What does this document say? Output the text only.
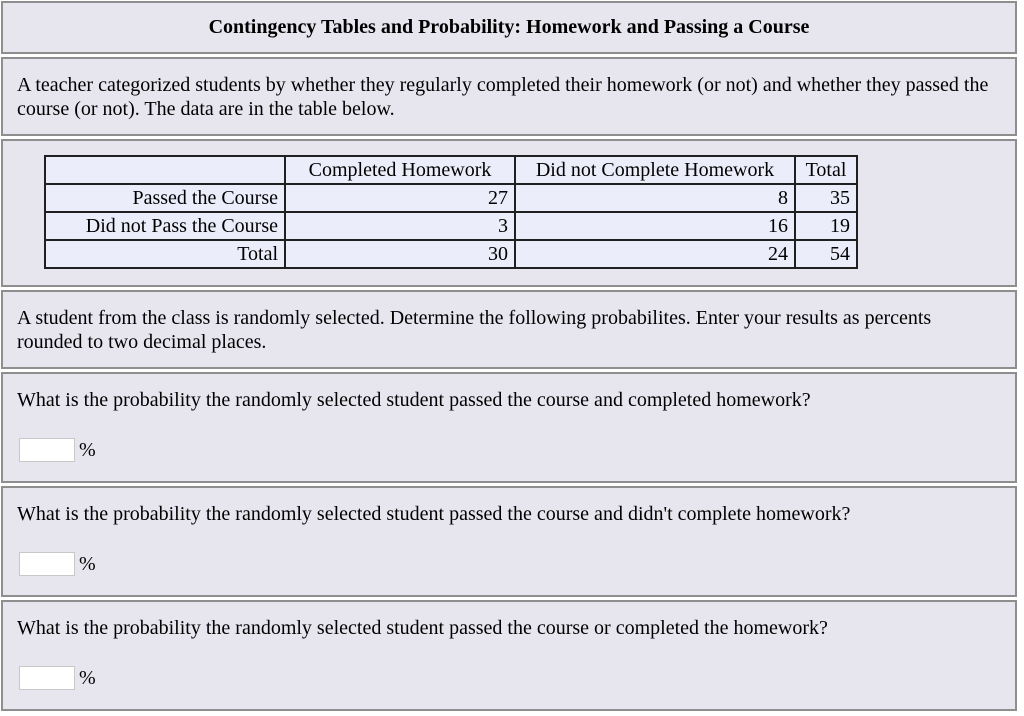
Contingency Tables and Probability: Homework and Passing a Course
A teacher categorized students by whether they regularly completed their homework (or not) and whether they passed the course (or not). The data are in the table below.
	Completed Homework	Did not Complete Homework	Total
Passed the Course	27	8	35
Did not Pass the Course	3	16	19
Total	30	24	54
A student from the class is randomly selected. Determine the following probabilites. Enter your results as percents rounded to two decimal places.
What is the probability the randomly selected student passed the course and completed homework?
%
What is the probability the randomly selected student passed the course and didn't complete homework?
%
What is the probability the randomly selected student passed the course or completed the homework?
%
